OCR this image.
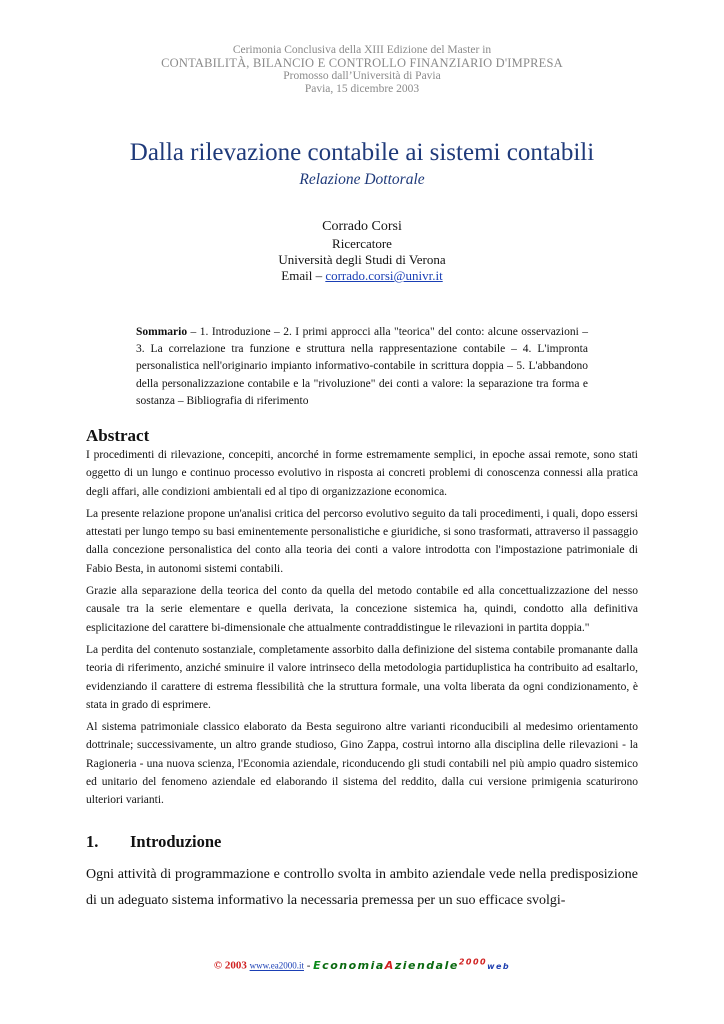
Cerimonia Conclusiva della XIII Edizione del Master in
CONTABILITÀ, BILANCIO E CONTROLLO FINANZIARIO D'IMPRESA
Promosso dall’Università di Pavia
Pavia, 15 dicembre 2003
Dalla rilevazione contabile ai sistemi contabili
Relazione Dottorale
Corrado Corsi
Ricercatore
Università degli Studi di Verona
Email – corrado.corsi@univr.it
Sommario – 1. Introduzione – 2. I primi approcci alla "teorica" del conto: alcune osservazioni – 3. La correlazione tra funzione e struttura nella rappresentazione contabile – 4. L'impronta personalistica nell'originario impianto informativo-contabile in scrittura doppia – 5. L'abbandono della personalizzazione contabile e la "rivoluzione" dei conti a valore: la separazione tra forma e sostanza – Bibliografia di riferimento
Abstract

I procedimenti di rilevazione, concepiti, ancorché in forme estremamente semplici, in epoche assai remote, sono stati oggetto di un lungo e continuo processo evolutivo in risposta ai concreti problemi di conoscenza connessi alla pratica degli affari, alle condizioni ambientali ed al tipo di organizzazione economica.

La presente relazione propone un'analisi critica del percorso evolutivo seguito da tali procedimenti, i quali, dopo essersi attestati per lungo tempo su basi eminentemente personalistiche e giuridiche, si sono trasformati, attraverso il passaggio dalla concezione personalistica del conto alla teoria dei conti a valore introdotta con l'impostazione patrimoniale di Fabio Besta, in autonomi sistemi contabili.

Grazie alla separazione della teorica del conto da quella del metodo contabile ed alla concettualizzazione del nesso causale tra la serie elementare e quella derivata, la concezione sistemica ha, quindi, condotto alla definitiva esplicitazione del carattere bi-dimensionale che attualmente contraddistingue le rilevazioni in partita doppia."

La perdita del contenuto sostanziale, completamente assorbito dalla definizione del sistema contabile promanante dalla teoria di riferimento, anziché sminuire il valore intrinseco della metodologia partiduplistica ha contribuito ad esaltarlo, evidenziando il carattere di estrema flessibilità che la struttura formale, una volta liberata da ogni condizionamento, è stata in grado di esprimere.

Al sistema patrimoniale classico elaborato da Besta seguirono altre varianti riconducibili al medesimo orientamento dottrinale; successivamente, un altro grande studioso, Gino Zappa, costruì intorno alla disciplina delle rilevazioni - la Ragioneria - una nuova scienza, l'Economia aziendale, riconducendo gli studi contabili nel più ampio quadro sistemico ed unitario del fenomeno aziendale ed elaborando il sistema del reddito, dalla cui versione primigenia scaturirono ulteriori varianti.

1. Introduzione
Ogni attività di programmazione e controllo svolta in ambito aziendale vede nella predisposizione di un adeguato sistema informativo la necessaria premessa per un suo efficace svolgi-
© 2003 www.ea2000.it - EconomiaAziendale$^{2000}$web
